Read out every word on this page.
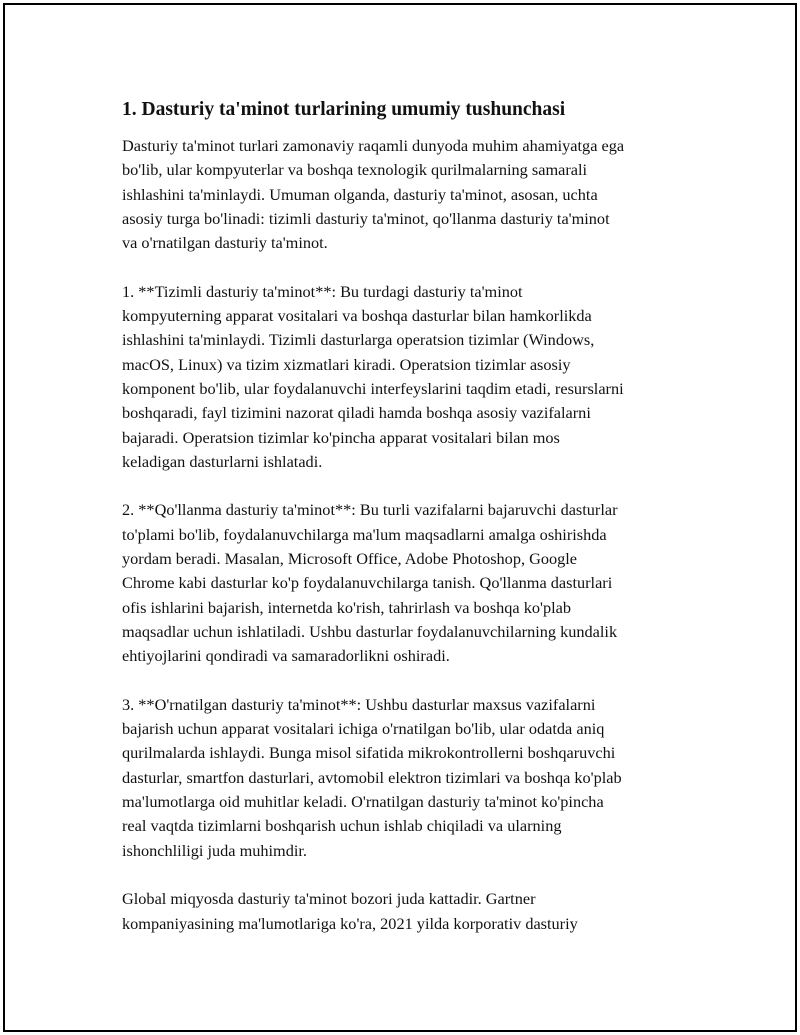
1. Dasturiy ta'minot turlarining umumiy tushunchasi
Dasturiy ta'minot turlari zamonaviy raqamli dunyoda muhim ahamiyatga ega
bo'lib, ular kompyuterlar va boshqa texnologik qurilmalarning samarali
ishlashini ta'minlaydi. Umuman olganda, dasturiy ta'minot, asosan, uchta
asosiy turga bo'linadi: tizimli dasturiy ta'minot, qo'llanma dasturiy ta'minot
va o'rnatilgan dasturiy ta'minot.
1. **Tizimli dasturiy ta'minot**: Bu turdagi dasturiy ta'minot
kompyuterning apparat vositalari va boshqa dasturlar bilan hamkorlikda
ishlashini ta'minlaydi. Tizimli dasturlarga operatsion tizimlar (Windows,
macOS, Linux) va tizim xizmatlari kiradi. Operatsion tizimlar asosiy
komponent bo'lib, ular foydalanuvchi interfeyslarini taqdim etadi, resurslarni
boshqaradi, fayl tizimini nazorat qiladi hamda boshqa asosiy vazifalarni
bajaradi. Operatsion tizimlar ko'pincha apparat vositalari bilan mos
keladigan dasturlarni ishlatadi.
2. **Qo'llanma dasturiy ta'minot**: Bu turli vazifalarni bajaruvchi dasturlar
to'plami bo'lib, foydalanuvchilarga ma'lum maqsadlarni amalga oshirishda
yordam beradi. Masalan, Microsoft Office, Adobe Photoshop, Google
Chrome kabi dasturlar ko'p foydalanuvchilarga tanish. Qo'llanma dasturlari
ofis ishlarini bajarish, internetda ko'rish, tahrirlash va boshqa ko'plab
maqsadlar uchun ishlatiladi. Ushbu dasturlar foydalanuvchilarning kundalik
ehtiyojlarini qondiradi va samaradorlikni oshiradi.
3. **O'rnatilgan dasturiy ta'minot**: Ushbu dasturlar maxsus vazifalarni
bajarish uchun apparat vositalari ichiga o'rnatilgan bo'lib, ular odatda aniq
qurilmalarda ishlaydi. Bunga misol sifatida mikrokontrollerni boshqaruvchi
dasturlar, smartfon dasturlari, avtomobil elektron tizimlari va boshqa ko'plab
ma'lumotlarga oid muhitlar keladi. O'rnatilgan dasturiy ta'minot ko'pincha
real vaqtda tizimlarni boshqarish uchun ishlab chiqiladi va ularning
ishonchliligi juda muhimdir.
Global miqyosda dasturiy ta'minot bozori juda kattadir. Gartner
kompaniyasining ma'lumotlariga ko'ra, 2021 yilda korporativ dasturiy
